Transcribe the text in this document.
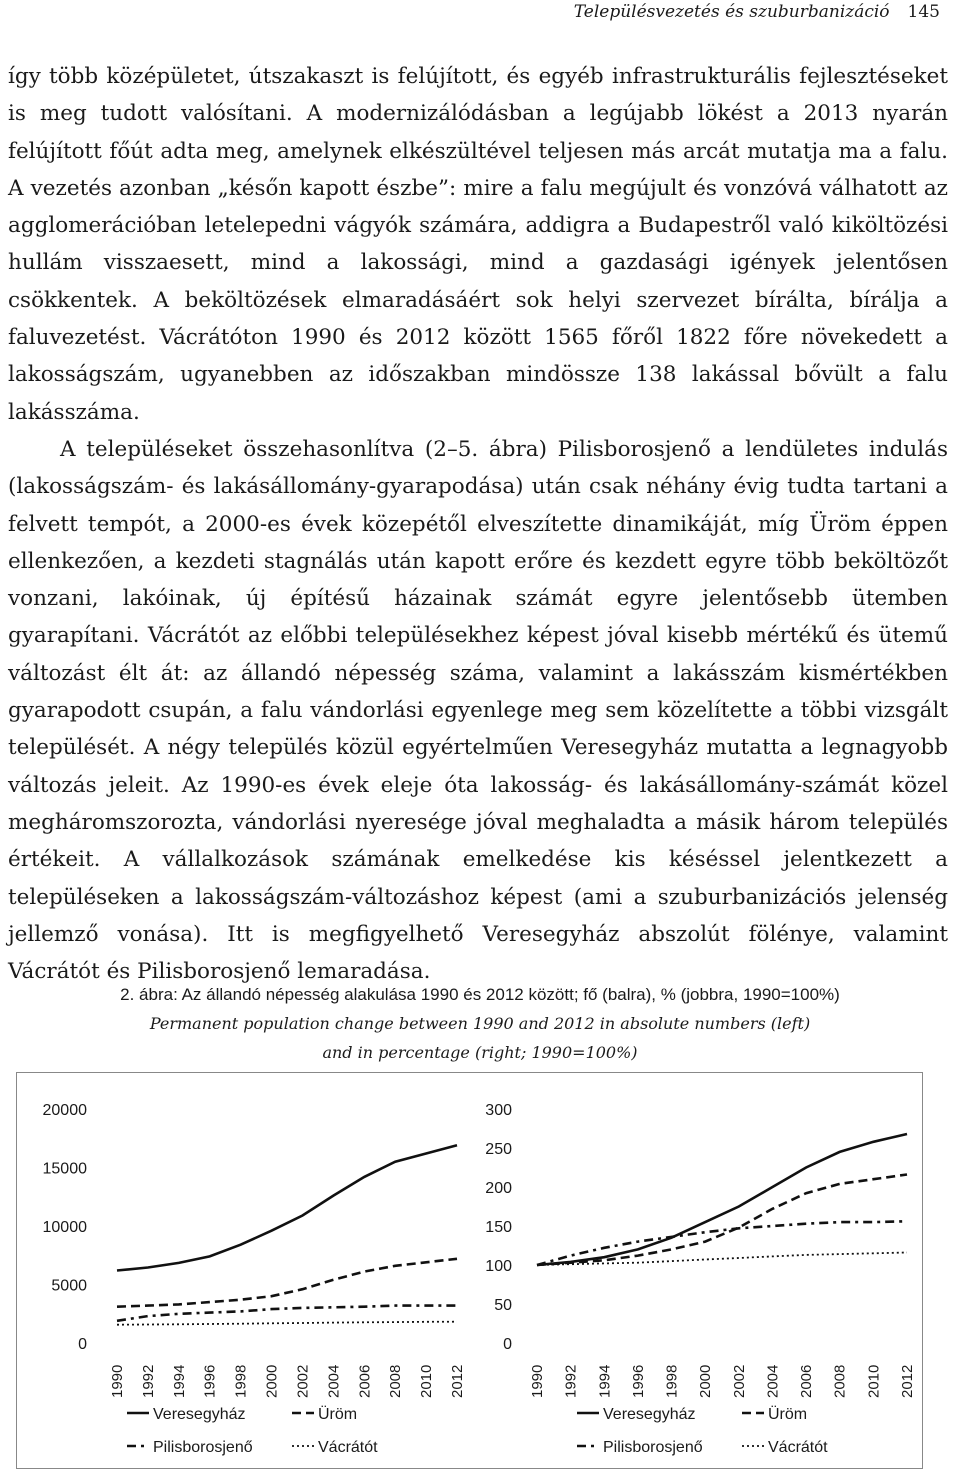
Településvezetés és szuburbanizáció 145

így több középületet, útszakaszt is felújított, és egyéb infrastrukturális fejlesztéseket is meg tudott valósítani. A modernizálódásban a legújabb lökést a 2013 nyarán felújított főút adta meg, amelynek elkészültével teljesen más arcát mutatja ma a falu. A vezetés azonban „későn kapott észbe”: mire a falu megújult és vonzóvá válhatott az agglomerációban letelepedni vágyók számára, addigra a Budapestről való kiköltözési hullám visszaesett, mind a lakossági, mind a gazdasági igények jelentősen csökkentek. A beköltözések elmaradásáért sok helyi szervezet bírálta, bírálja a faluvezetést. Vácrátóton 1990 és 2012 között 1565 főről 1822 főre növekedett a lakosságszám, ugyanebben az időszakban mindössze 138 lakással bővült a falu lakásszáma.

A településeket összehasonlítva (2–5. ábra) Pilisborosjenő a lendületes indulás (lakosságszám- és lakásállomány-gyarapodása) után csak néhány évig tudta tartani a felvett tempót, a 2000-es évek közepétől elveszítette dinamikáját, míg Üröm éppen ellenkezően, a kezdeti stagnálás után kapott erőre és kezdett egyre több beköltözőt vonzani, lakóinak, új építésű házainak számát egyre jelentősebb ütemben gyarapítani. Vácrátót az előbbi településekhez képest jóval kisebb mértékű és ütemű változást élt át: az állandó népesség száma, valamint a lakásszám kismértékben gyarapodott csupán, a falu vándorlási egyenlege meg sem közelítette a többi vizsgált települését. A négy település közül egyértelműen Veresegyház mutatta a legnagyobb változás jeleit. Az 1990-es évek eleje óta lakosság- és lakásállomány-számát közel megháromszorozta, vándorlási nyeresége jóval meghaladta a másik három település értékeit. A vállalkozások számának emelkedése kis késéssel jelentkezett a településeken a lakosságszám-változáshoz képest (ami a szuburbanizációs jelenség jellemző vonása). Itt is megfigyelhető Veresegyház abszolút fölénye, valamint Vácrátót és Pilisborosjenő lemaradása.

2. ábra: Az állandó népesség alakulása 1990 és 2012 között; fő (balra), % (jobbra, 1990=100%)
Permanent population change between 1990 and 2012 in absolute numbers (left)
and in percentage (right; 1990=100%)
20000
15000
10000
5000
0
1990 1992 1994 1996 1998 2000 2002 2004 2006 2008 2010 2012
Veresegyház	Üröm
Pilisborosjenő	Vácrátót
300
250
200
150
100
50
0
1990 1992 1994 1996 1998 2000 2002 2004 2006 2008 2010 2012
Veresegyház	Üröm
Pilisborosjenő	Vácrátót
